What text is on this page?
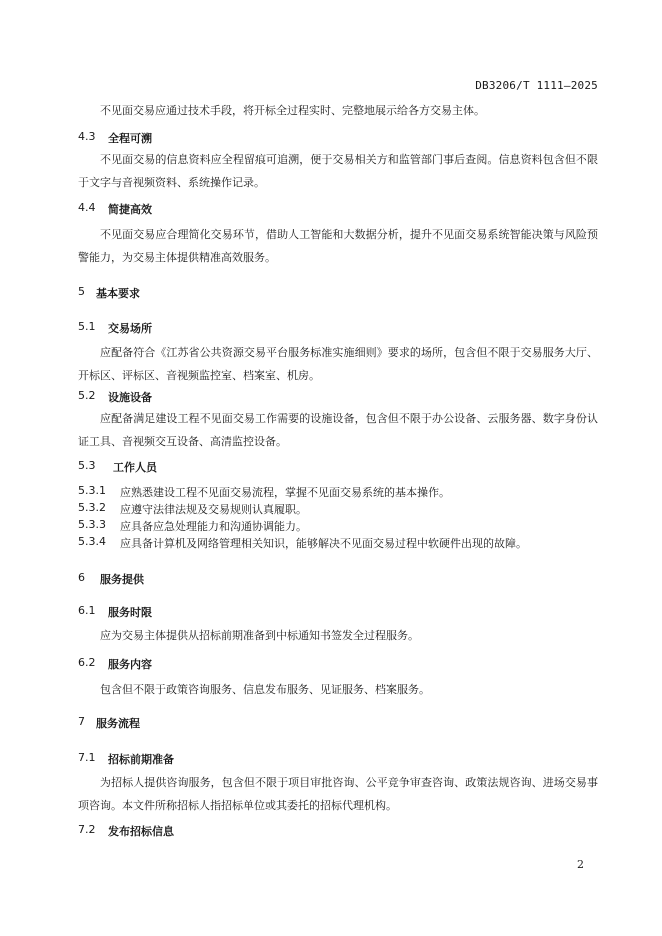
DB3206/T 1111—2025

不见面交易应通过技术手段，将开标全过程实时、完整地展示给各方交易主体。

4.3 全程可溯

不见面交易的信息资料应全程留痕可追溯，便于交易相关方和监管部门事后查阅。信息资料包含但不限于文字与音视频资料、系统操作记录。

4.4 简捷高效

不见面交易应合理简化交易环节，借助人工智能和大数据分析，提升不见面交易系统智能决策与风险预警能力，为交易主体提供精准高效服务。

5 基本要求
5.1 交易场所

应配备符合《江苏省公共资源交易平台服务标准实施细则》要求的场所，包含但不限于交易服务大厅、开标区、评标区、音视频监控室、档案室、机房。

5.2 设施设备

应配备满足建设工程不见面交易工作需要的设施设备，包含但不限于办公设备、云服务器、数字身份认证工具、音视频交互设备、高清监控设备。

5.3 工作人员
5.3.1 应熟悉建设工程不见面交易流程，掌握不见面交易系统的基本操作。
5.3.2 应遵守法律法规及交易规则认真履职。
5.3.3 应具备应急处理能力和沟通协调能力。
5.3.4 应具备计算机及网络管理相关知识，能够解决不见面交易过程中软硬件出现的故障。
6 服务提供
6.1 服务时限

应为交易主体提供从招标前期准备到中标通知书签发全过程服务。

6.2 服务内容

包含但不限于政策咨询服务、信息发布服务、见证服务、档案服务。

7 服务流程
7.1 招标前期准备

为招标人提供咨询服务，包含但不限于项目审批咨询、公平竞争审查咨询、政策法规咨询、进场交易事项咨询。本文件所称招标人指招标单位或其委托的招标代理机构。

7.2 发布招标信息
2
